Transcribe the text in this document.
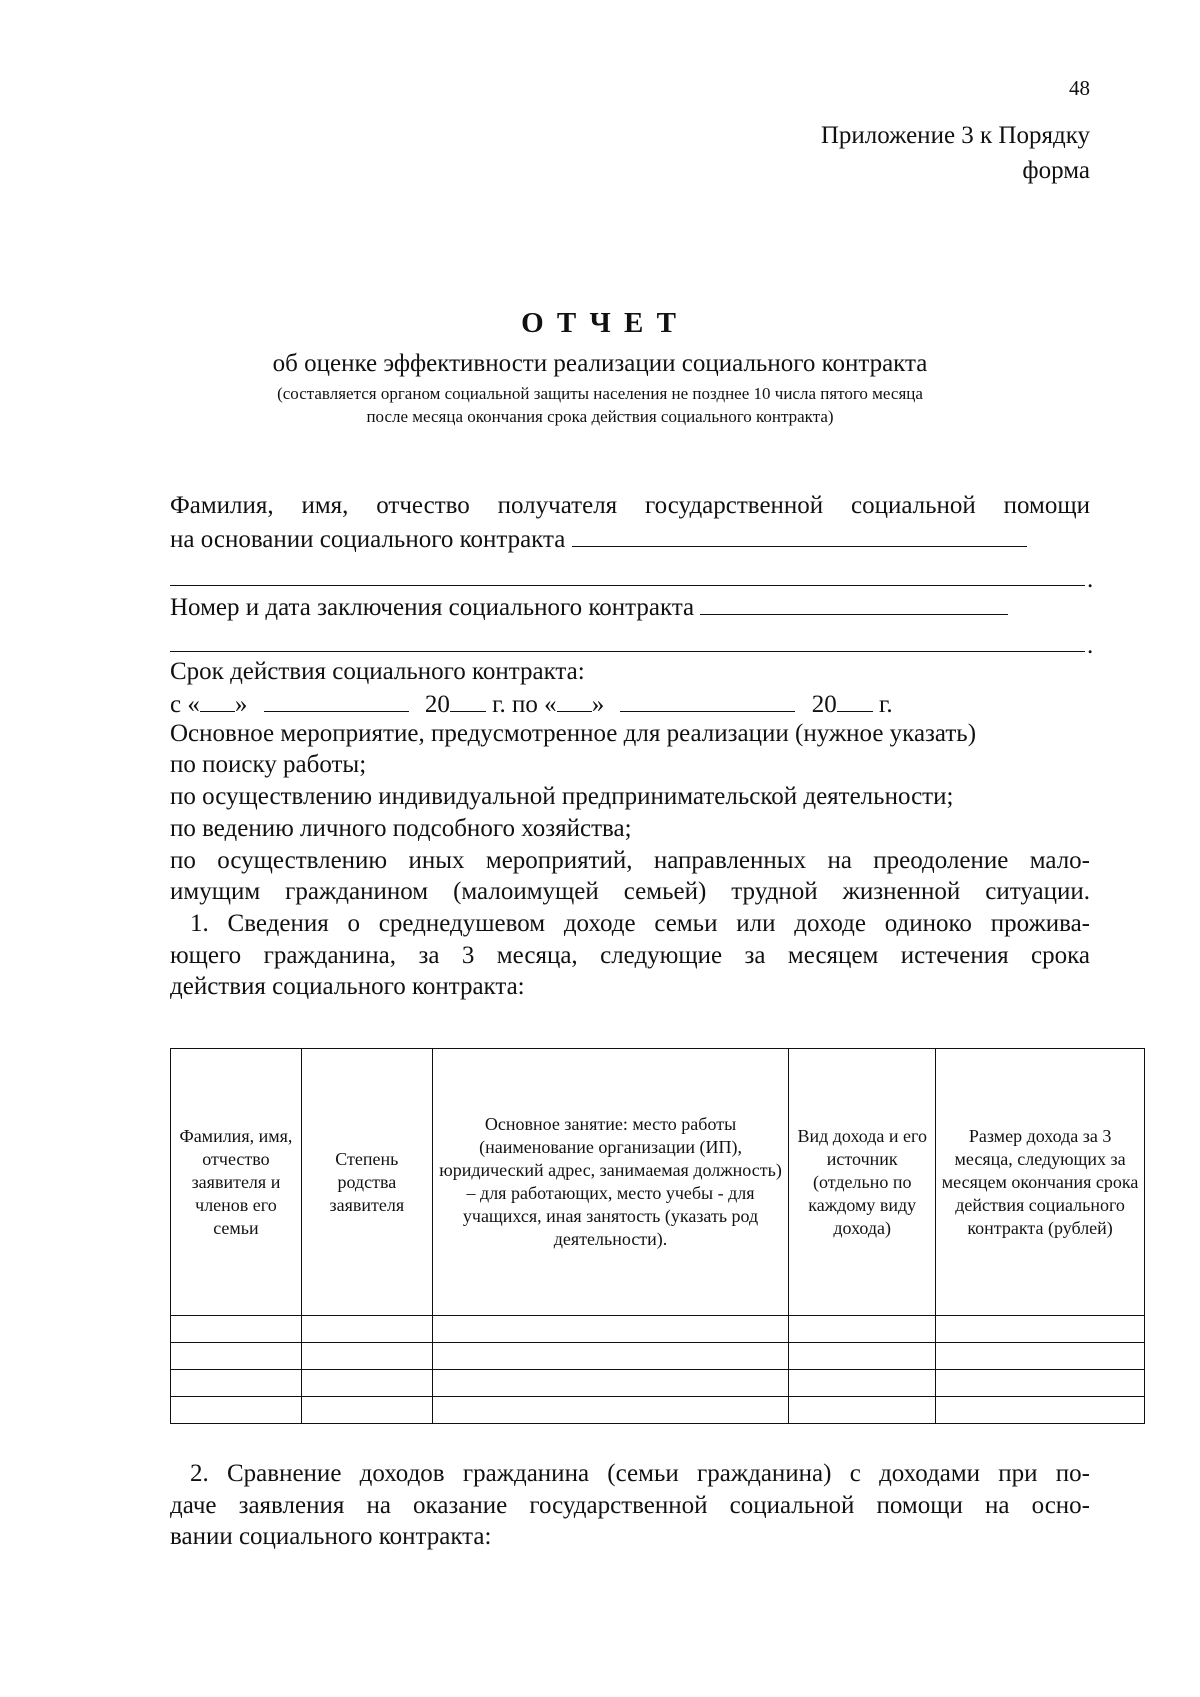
48
Приложение 3 к Порядку
форма
О Т Ч Е Т
об оценке эффективности реализации социального контракта
(составляется органом социальной защиты населения не позднее 10 числа пятого месяца
после месяца окончания срока действия социального контракта)
Фамилия, имя, отчество получателя государственной социальной помощи
на основании социального контракта
.
Номер и дата заключения социального контракта
.
Срок действия социального контракта:
с « »	20 г. по « »	20 г.
Основное мероприятие, предусмотренное для реализации (нужное указать)
по поиску работы;
по осуществлению индивидуальной предпринимательской деятельности;
по ведению личного подсобного хозяйства;
по осуществлению иных мероприятий, направленных на преодоление мало-
имущим гражданином (малоимущей семьей) трудной жизненной ситуации.
1. Сведения о среднедушевом доходе семьи или доходе одиноко прожива-
ющего гражданина, за 3 месяца, следующие за месяцем истечения срока
действия социального контракта:
Фамилия, имя, отчество заявителя и членов его семьи	Степень родства заявителя	Основное занятие: место работы (наименование организации (ИП), юридический адрес, занимаемая должность) – для работающих, место учебы - для учащихся, иная занятость (указать род деятельности).	Вид дохода и его источник (отдельно по каждому виду дохода)	Размер дохода за 3 месяца, следующих за месяцем окончания срока действия социального контракта (рублей)

2. Сравнение доходов гражданина (семьи гражданина) с доходами при по-
даче заявления на оказание государственной социальной помощи на осно-
вании социального контракта:
